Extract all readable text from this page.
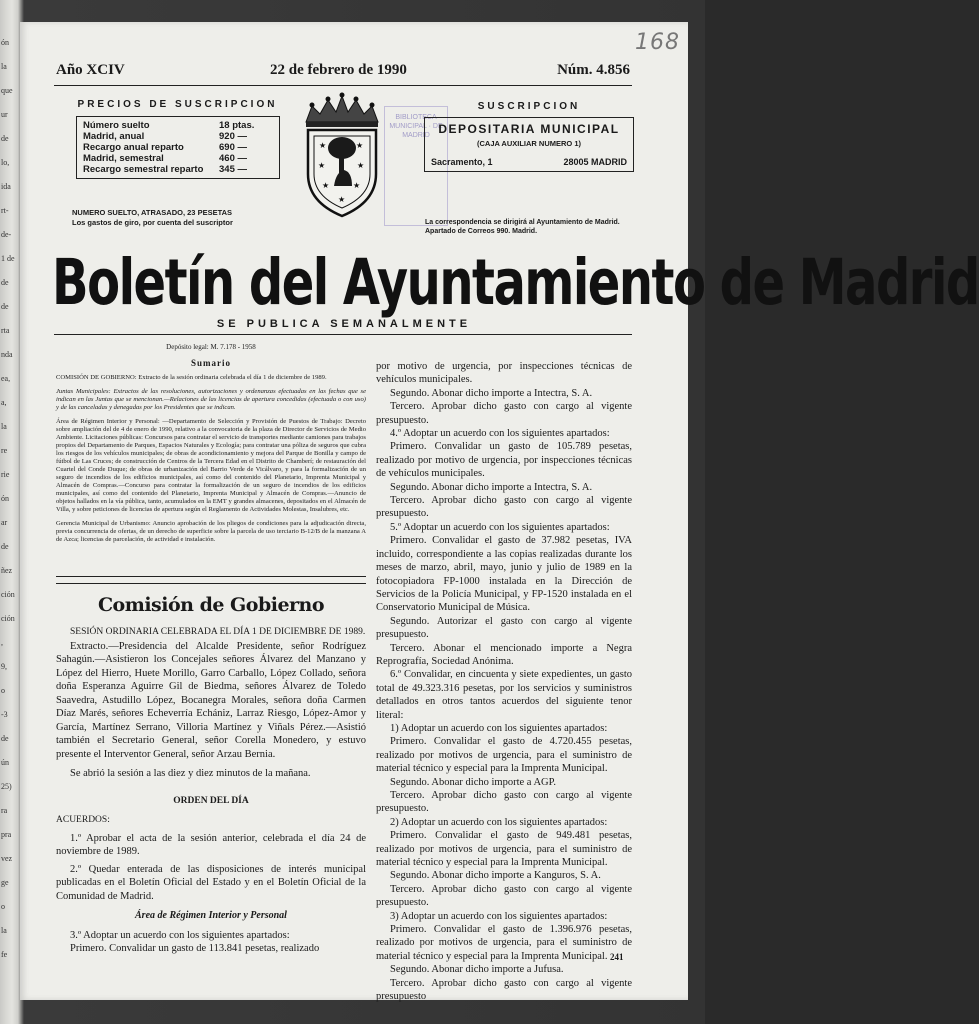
ón
la
que
ur
de
lo,
ida
rt-
de-
1 de
de
de
rta
nda
ea,
a,
la
re
rie
ón
ar
de
ñez
ción
ción
,
9,
o
-3
de
ún
25)
ra
pra
vez
ge
o
la
fe
168
Año XCIV	22 de febrero de 1990	Núm. 4.856
PRECIOS DE SUSCRIPCION
Número suelto	18 ptas.
Madrid, anual	920 —
Recargo anual reparto	690 —
Madrid, semestral	460 —
Recargo semestral reparto	345 —
NUMERO SUELTO, ATRASADO, 23 PESETAS
Los gastos de giro, por cuenta del suscriptor
★	★
★	★
★	★
★
BIBLIOTECA MUNICIPAL · DE MADRID
SUSCRIPCION
DEPOSITARIA MUNICIPAL
(CAJA AUXILIAR NUMERO 1)
Sacramento, 1	28005 MADRID
La correspondencia se dirigirá al Ayuntamiento de Madrid. Apartado de Correos 990. Madrid.
Boletín del Ayuntamiento de Madrid
SE PUBLICA SEMANALMENTE
Depósito legal: M. 7.178 - 1958
Sumario

COMISIÓN DE GOBIERNO: Extracto de la sesión ordinaria celebrada el día 1 de diciembre de 1989.

Juntas Municipales: Extractos de las resoluciones, autorizaciones y ordenanzas efectuadas en las fechas que se indican en las Juntas que se mencionan.—Relaciones de las licencias de apertura concedidas (efectuada o con uso) y de las canceladas y denegadas por los Presidentes que se indican.

Área de Régimen Interior y Personal: —Departamento de Selección y Provisión de Puestos de Trabajo: Decreto sobre ampliación del de 4 de enero de 1990, relativo a la convocatoria de la plaza de Director de Servicios de Medio Ambiente. Licitaciones públicas: Concursos para contratar el servicio de transportes mediante camiones para trabajos propios del Departamento de Parques, Espacios Naturales y Ecología; para contratar una póliza de seguros que cubra los riesgos de los vehículos municipales; de obras de acondicionamiento y mejora del Parque de Bonilla y campo de fútbol de Las Cruces; de construcción de Centros de la Tercera Edad en el Distrito de Chamberí; de restauración del Cuartel del Conde Duque; de obras de urbanización del Barrio Verde de Vicálvaro, y para la formalización de un seguro de incendios de los edificios municipales, así como del contenido del Planetario, Imprenta Municipal y Almacén de Compras.—Concurso para contratar la formalización de un seguro de incendios de los edificios municipales, así como del contenido del Planetario, Imprenta Municipal y Almacén de Compras.—Anuncio de objetos hallados en la vía pública, tanto, acumulados en la EMT y grandes almacenes, depositados en el Almacén de Villa, y sobre peticiones de licencias de apertura según el Reglamento de Actividades Molestas, Insalubres, etc.

Gerencia Municipal de Urbanismo: Anuncio aprobación de los pliegos de condiciones para la adjudicación directa, previa concurrencia de ofertas, de un derecho de superficie sobre la parcela de uso terciario B-12/B de la manzana A de Azca; licencias de parcelación, de actividad e instalación.

Comisión de Gobierno

SESIÓN ORDINARIA CELEBRADA EL DÍA 1 DE DICIEMBRE DE 1989.

Extracto.—Presidencia del Alcalde Presidente, señor Rodríguez Sahagún.—Asistieron los Concejales señores Álvarez del Manzano y López del Hierro, Huete Morillo, Garro Carballo, López Collado, señora doña Esperanza Aguirre Gil de Biedma, señores Álvarez de Toledo Saavedra, Astudillo López, Bocanegra Morales, señora doña Carmen Díaz Marés, señores Echeverría Echániz, Larraz Riesgo, López-Amor y García, Martínez Serrano, Villoria Martínez y Viñals Pérez.—Asistió también el Secretario General, señor Corella Monedero, y estuvo presente el Interventor General, señor Arzau Bernia.

Se abrió la sesión a las diez y diez minutos de la mañana.

ORDEN DEL DÍA

ACUERDOS:

1.º Aprobar el acta de la sesión anterior, celebrada el día 24 de noviembre de 1989.

2.º Quedar enterada de las disposiciones de interés municipal publicadas en el Boletín Oficial del Estado y en el Boletín Oficial de la Comunidad de Madrid.

Área de Régimen Interior y Personal

3.º Adoptar un acuerdo con los siguientes apartados:

Primero. Convalidar un gasto de 113.841 pesetas, realizado

por motivo de urgencia, por inspecciones técnicas de vehículos municipales.

Segundo. Abonar dicho importe a Intectra, S. A.

Tercero. Aprobar dicho gasto con cargo al vigente presupuesto.

4.º Adoptar un acuerdo con los siguientes apartados:

Primero. Convalidar un gasto de 105.789 pesetas, realizado por motivo de urgencia, por inspecciones técnicas de vehículos municipales.

Segundo. Abonar dicho importe a Intectra, S. A.

Tercero. Aprobar dicho gasto con cargo al vigente presupuesto.

5.º Adoptar un acuerdo con los siguientes apartados:

Primero. Convalidar el gasto de 37.982 pesetas, IVA incluido, correspondiente a las copias realizadas durante los meses de marzo, abril, mayo, junio y julio de 1989 en la fotocopiadora FP-1000 instalada en la Dirección de Servicios de la Policía Municipal, y FP-1520 instalada en el Conservatorio Municipal de Música.

Segundo. Autorizar el gasto con cargo al vigente presupuesto.

Tercero. Abonar el mencionado importe a Negra Reprografía, Sociedad Anónima.

6.º Convalidar, en cincuenta y siete expedientes, un gasto total de 49.323.316 pesetas, por los servicios y suministros detallados en otros tantos acuerdos del siguiente tenor literal:

1) Adoptar un acuerdo con los siguientes apartados:

Primero. Convalidar el gasto de 4.720.455 pesetas, realizado por motivos de urgencia, para el suministro de material técnico y especial para la Imprenta Municipal.

Segundo. Abonar dicho importe a AGP.

Tercero. Aprobar dicho gasto con cargo al vigente presupuesto.

2) Adoptar un acuerdo con los siguientes apartados:

Primero. Convalidar el gasto de 949.481 pesetas, realizado por motivos de urgencia, para el suministro de material técnico y especial para la Imprenta Municipal.

Segundo. Abonar dicho importe a Kanguros, S. A.

Tercero. Aprobar dicho gasto con cargo al vigente presupuesto.

3) Adoptar un acuerdo con los siguientes apartados:

Primero. Convalidar el gasto de 1.396.976 pesetas, realizado por motivos de urgencia, para el suministro de material técnico y especial para la Imprenta Municipal.

Segundo. Abonar dicho importe a Jufusa.

Tercero. Aprobar dicho gasto con cargo al vigente presupuesto

241
